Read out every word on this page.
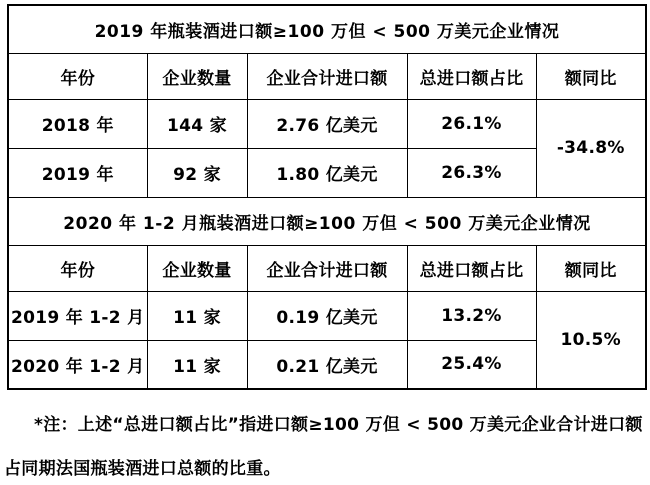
2019 年瓶装酒进口额≥100 万但 < 500 万美元企业情况				
年份	企业数量	企业合计进口额	总进口额占比	额同比
2018 年	144 家	2.76 亿美元	26.1%	-34.8%
2019 年	92 家	1.80 亿美元	26.3%	
2020 年 1-2 月瓶装酒进口额≥100 万但 < 500 万美元企业情况				
年份	企业数量	企业合计进口额	总进口额占比	额同比
2019 年 1-2 月	11 家	0.19 亿美元	13.2%	10.5%
2020 年 1-2 月	11 家	0.21 亿美元	25.4%	
*注：上述“总进口额占比”指进口额≥100 万但 < 500 万美元企业合计进口额
占同期法国瓶装酒进口总额的比重。
